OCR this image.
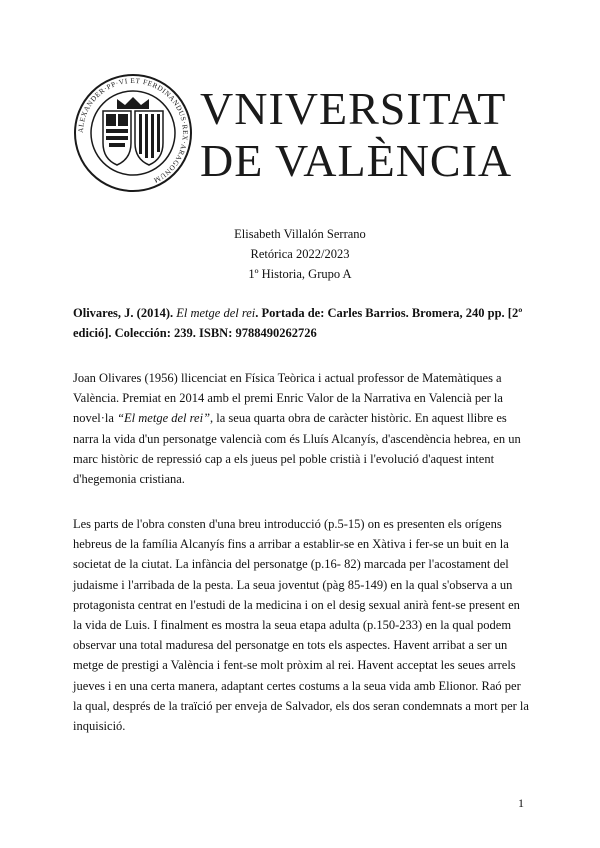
ALEXANDER·PP·VI ET FERDINANDUS·REX·ARAGONUM
VNIVERSITAT
DE VALÈNCIA
Elisabeth Villalón Serrano
Retórica 2022/2023
1º Historia, Grupo A
Olivares, J. (2014). El metge del rei. Portada de: Carles Barrios. Bromera, 240 pp. [2º edició]. Colección: 239. ISBN: 9788490262726
Joan Olivares (1956) llicenciat en Física Teòrica i actual professor de Matemàtiques a València. Premiat en 2014 amb el premi Enric Valor de la Narrativa en Valencià per la novel·la “El metge del rei”, la seua quarta obra de caràcter històric. En aquest llibre es narra la vida d'un personatge valencià com és Lluís Alcanyís, d'ascendència hebrea, en un marc històric de repressió cap a els jueus pel poble cristià i l'evolució d'aquest intent d'hegemonia cristiana.
Les parts de l'obra consten d'una breu introducció (p.5-15) on es presenten els orígens hebreus de la família Alcanyís fins a arribar a establir-se en Xàtiva i fer-se un buit en la societat de la ciutat. La infància del personatge (p.16- 82) marcada per l'acostament del judaisme i l'arribada de la pesta. La seua joventut (pàg 85-149) en la qual s'observa a un protagonista centrat en l'estudi de la medicina i on el desig sexual anirà fent-se present en la vida de Luis. I finalment es mostra la seua etapa adulta (p.150-233) en la qual podem observar una total maduresa del personatge en tots els aspectes. Havent arribat a ser un metge de prestigi a València i fent-se molt pròxim al rei. Havent acceptat les seues arrels jueves i en una certa manera, adaptant certes costums a la seua vida amb Elionor. Raó per la qual, després de la traïció per enveja de Salvador, els dos seran condemnats a mort per la inquisició.
1
